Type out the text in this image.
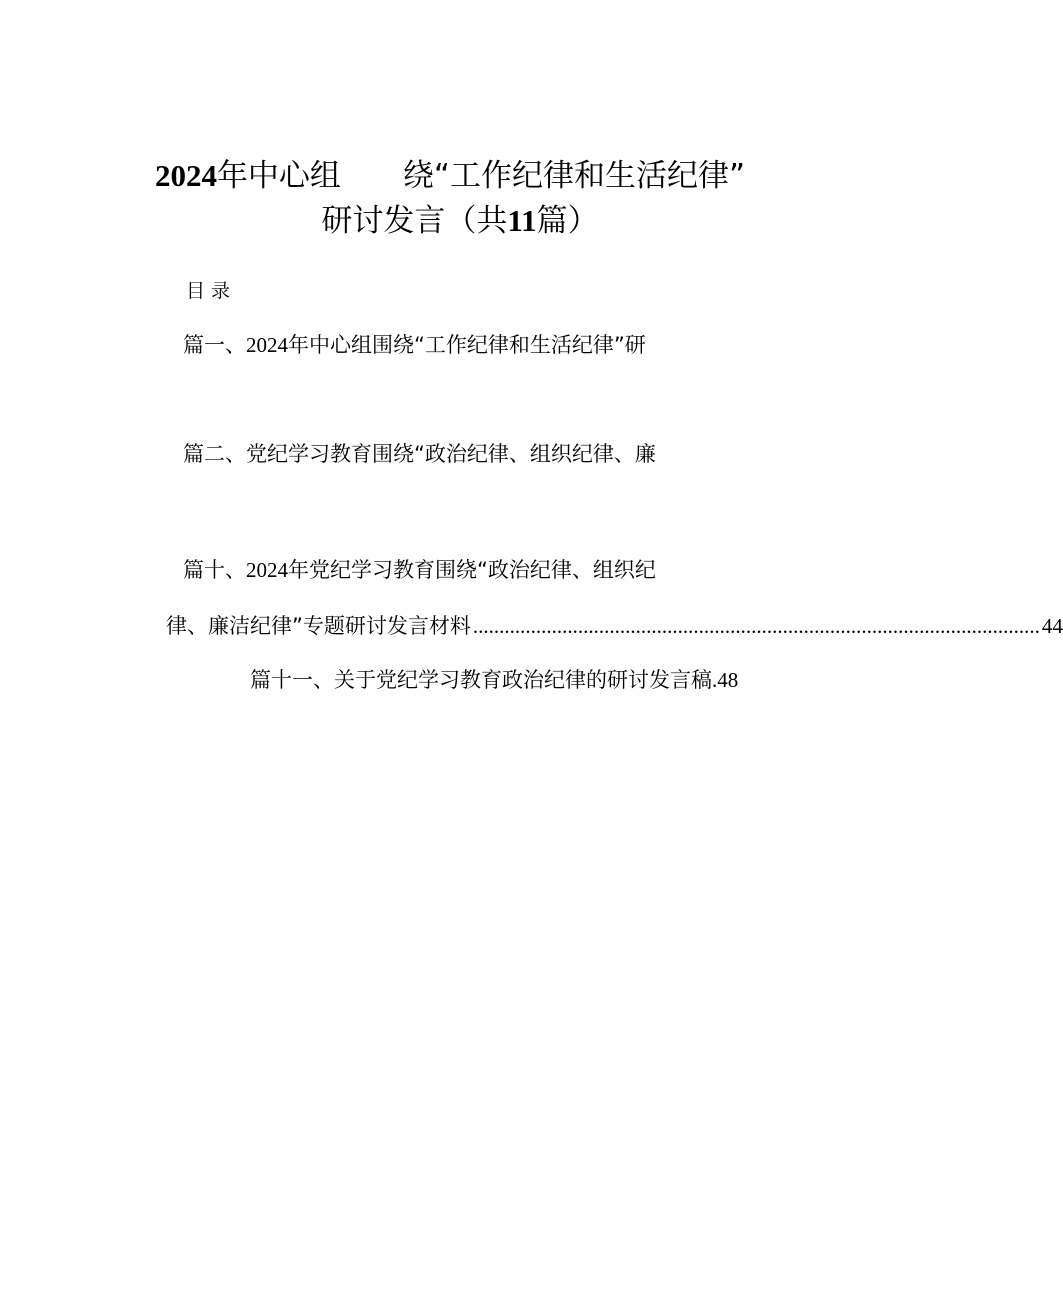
2024年中心组　　绕“工作纪律和生活纪律”
研讨发言（共11篇）
目录
篇一、2024年中心组围绕“工作纪律和生活纪律”研
篇二、党纪学习教育围绕“政治纪律、组织纪律、廉
篇十、2024年党纪学习教育围绕“政治纪律、组织纪
律、廉洁纪律”专题研讨发言材料 ............................................................................................................ 44
篇十一、关于党纪学习教育政治纪律的研讨发言稿.48
